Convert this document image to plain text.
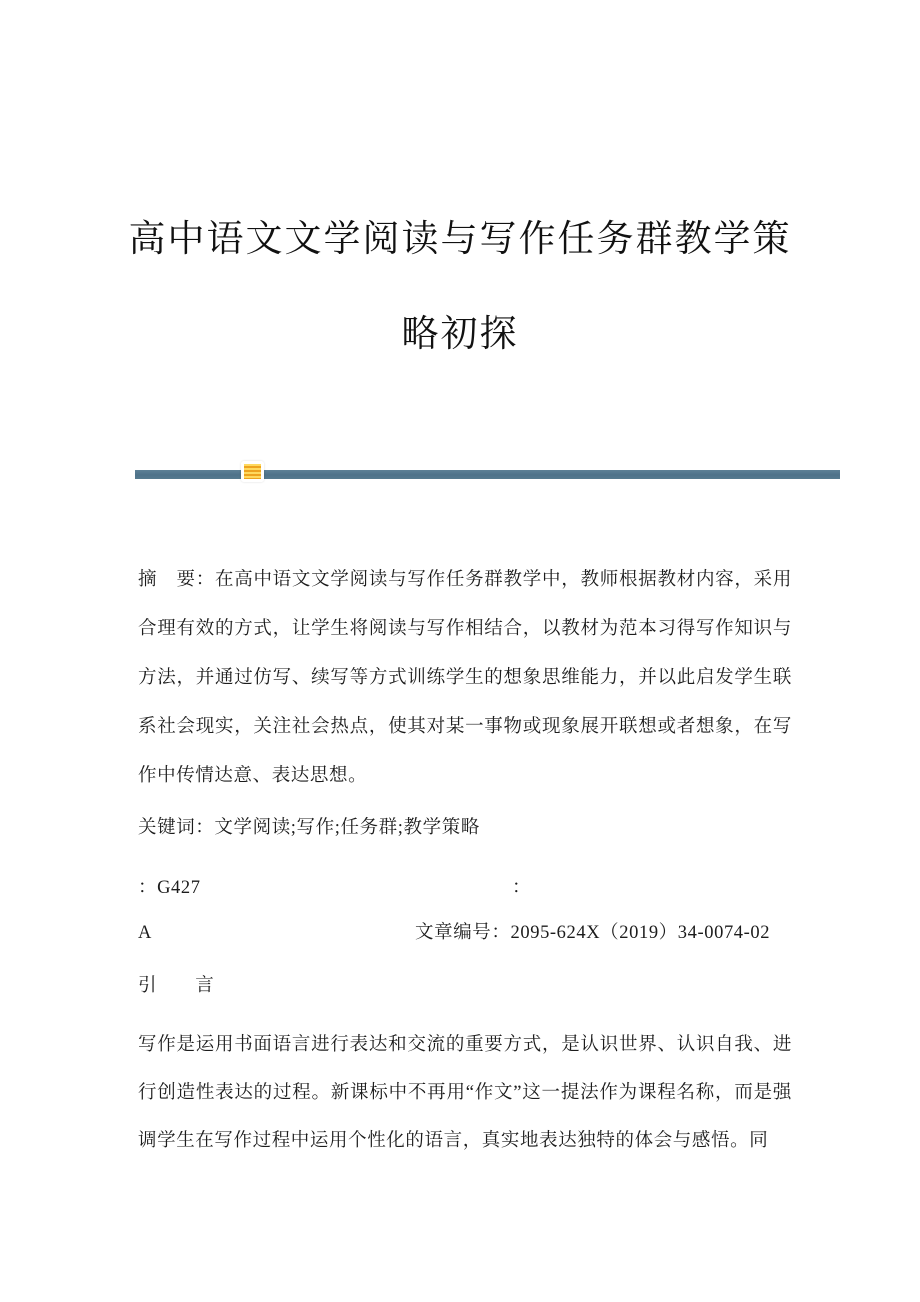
高中语文文学阅读与写作任务群教学策
略初探
摘　要：在高中语文文学阅读与写作任务群教学中，教师根据教材内容，采用合理有效的方式，让学生将阅读与写作相结合，以教材为范本习得写作知识与方法，并通过仿写、续写等方式训练学生的想象思维能力，并以此启发学生联系社会现实，关注社会热点，使其对某一事物或现象展开联想或者想象，在写作中传情达意、表达思想。
关键词：文学阅读;写作;任务群;教学策略
：G427	：
A	文章编号：2095-624X（2019）34-0074-02
引　　言
写作是运用书面语言进行表达和交流的重要方式，是认识世界、认识自我、进行创造性表达的过程。新课标中不再用“作文”这一提法作为课程名称，而是强调学生在写作过程中运用个性化的语言，真实地表达独特的体会与感悟。同
